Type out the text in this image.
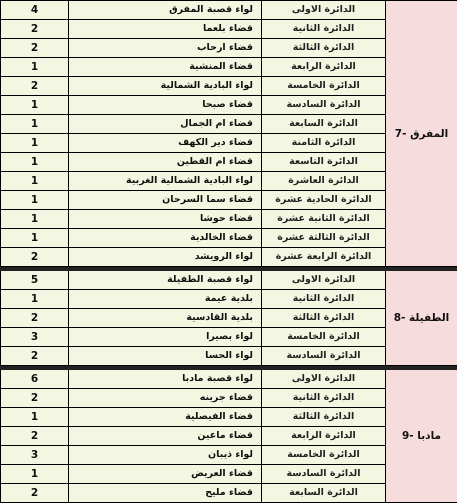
4	لواء قصبة المفرق	الدائرة الاولى	7- المفرق
2	قضاء بلعما	الدائرة الثانية	
2	قضاء ارحاب	الدائرة الثالثة	
1	قضاء المنشية	الدائرة الرابعة	
2	لواء البادية الشمالية	الدائرة الخامسة	
1	قضاء صبحا	الدائرة السادسة	
1	قضاء ام الجمال	الدائرة السابعة	
1	قضاء دير الكهف	الدائرة الثامنة	
1	قضاء ام القطين	الدائرة التاسعة	
1	لواء البادية الشمالية الغربية	الدائرة العاشرة	
1	قضاء سما السرحان	الدائرة الحادية عشرة	
1	قضاء حوشا	الدائرة الثانية عشرة	
1	قضاء الخالدية	الدائرة الثالثة عشرة	
2	لواء الرويشد	الدائرة الرابعة عشرة	

5	لواء قصبة الطفيلة	الدائرة الاولى	8- الطفيلة
1	بلدية عيمة	الدائرة الثانية	
2	بلدية القادسية	الدائرة الثالثة	
3	لواء بصيرا	الدائرة الخامسة	
2	لواء الحسا	الدائرة السادسة	

6	لواء قصبة مادبا	الدائرة الاولى	9- مادبا
2	قضاء جرينه	الدائرة الثانية	
1	قضاء الفيصلية	الدائرة الثالثة	
2	قضاء ماعين	الدائرة الرابعة	
3	لواء ذيبان	الدائرة الخامسة	
1	قضاء العريض	الدائرة السادسة	
2	قضاء مليح	الدائرة السابعة	
